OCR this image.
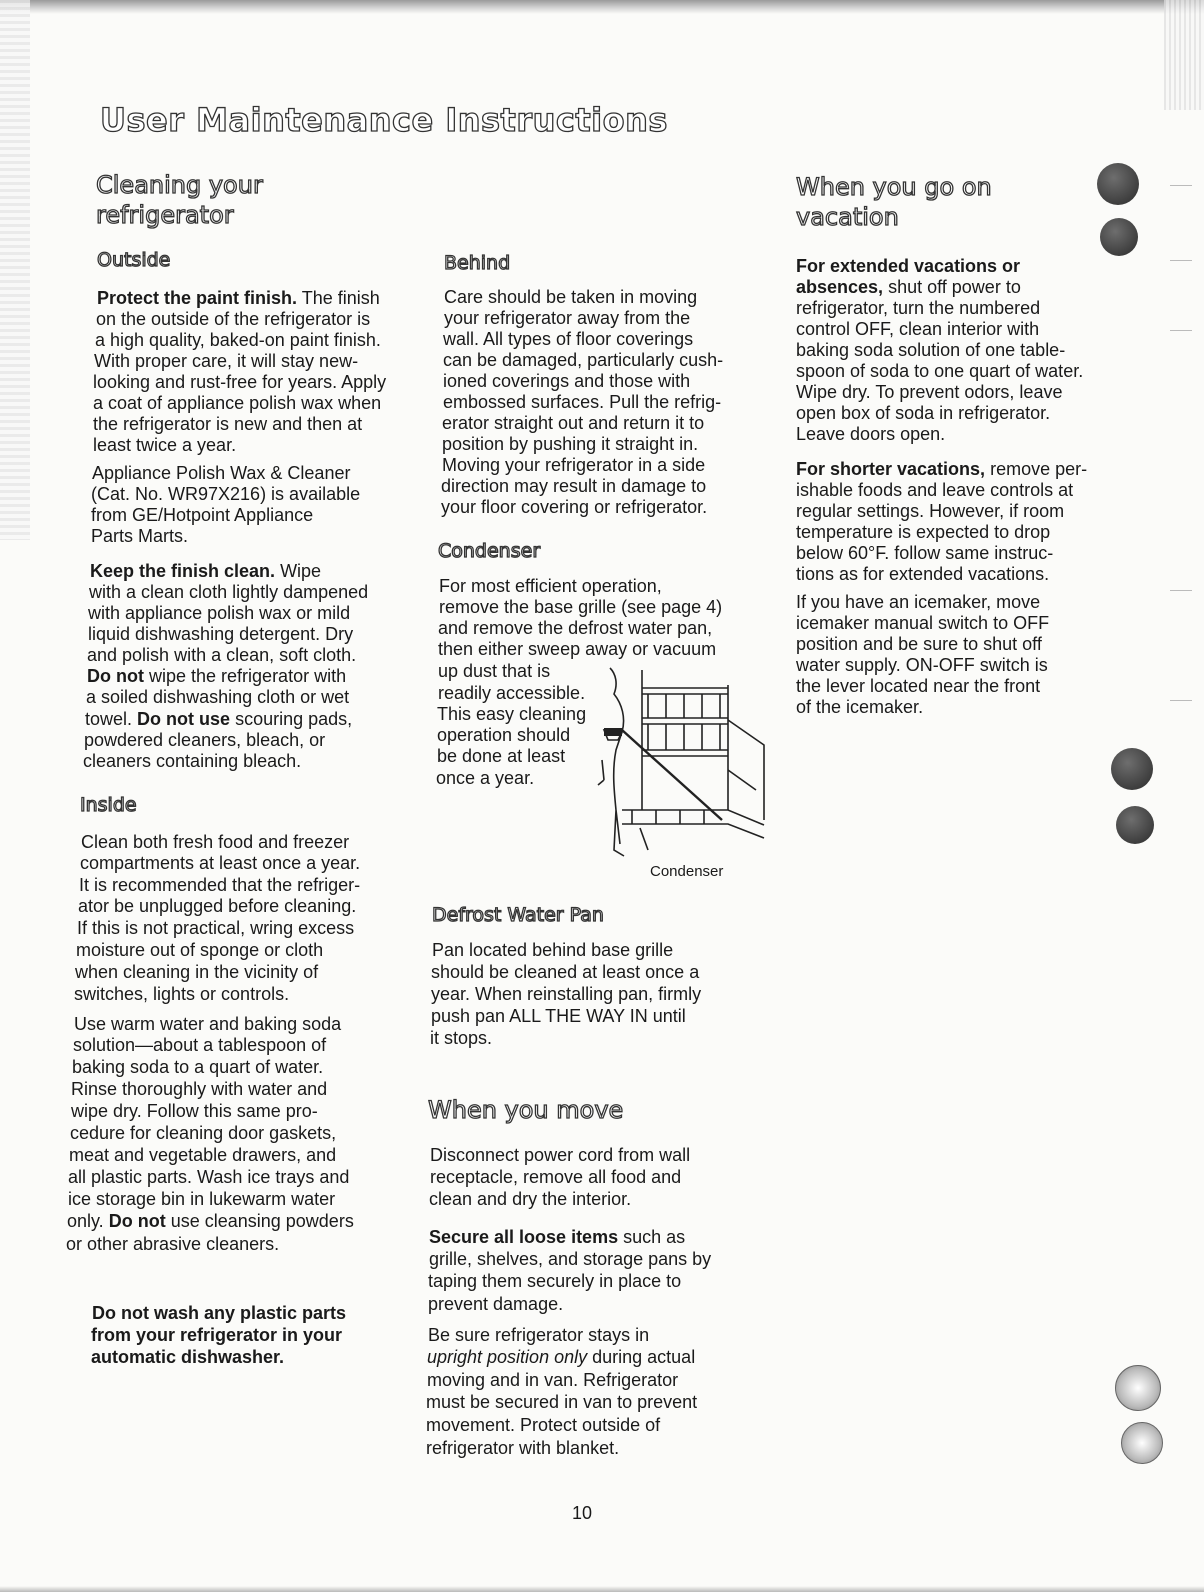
User Maintenance Instructions
Cleaning your
refrigerator
Outside

Protect the paint finish. The finish

on the outside of the refrigerator is

a high quality, baked-on paint finish.

With proper care, it will stay new-

looking and rust-free for years. Apply

a coat of appliance polish wax when

the refrigerator is new and then at

least twice a year.

Appliance Polish Wax & Cleaner

(Cat. No. WR97X216) is available

from GE/Hotpoint Appliance

Parts Marts.

Keep the finish clean. Wipe

with a clean cloth lightly dampened

with appliance polish wax or mild

liquid dishwashing detergent. Dry

and polish with a clean, soft cloth.

Do not wipe the refrigerator with

a soiled dishwashing cloth or wet

towel. Do not use scouring pads,

powdered cleaners, bleach, or

cleaners containing bleach.

Inside

Clean both fresh food and freezer

compartments at least once a year.

It is recommended that the refriger-

ator be unplugged before cleaning.

If this is not practical, wring excess

moisture out of sponge or cloth

when cleaning in the vicinity of

switches, lights or controls.

Use warm water and baking soda

solution—about a tablespoon of

baking soda to a quart of water.

Rinse thoroughly with water and

wipe dry. Follow this same pro-

cedure for cleaning door gaskets,

meat and vegetable drawers, and

all plastic parts. Wash ice trays and

ice storage bin in lukewarm water

only. Do not use cleansing powders

or other abrasive cleaners.

Do not wash any plastic parts

from your refrigerator in your

automatic dishwasher.

Behind

Care should be taken in moving

your refrigerator away from the

wall. All types of floor coverings

can be damaged, particularly cush-

ioned coverings and those with

embossed surfaces. Pull the refrig-

erator straight out and return it to

position by pushing it straight in.

Moving your refrigerator in a side

direction may result in damage to

your floor covering or refrigerator.

Condenser

For most efficient operation,

remove the base grille (see page 4)

and remove the defrost water pan,

then either sweep away or vacuum

up dust that is

readily accessible.

This easy cleaning

operation should

be done at least

once a year.

Condenser

Defrost Water Pan

Pan located behind base grille

should be cleaned at least once a

year. When reinstalling pan, firmly

push pan ALL THE WAY IN until

it stops.

When you move

Disconnect power cord from wall

receptacle, remove all food and

clean and dry the interior.

Secure all loose items such as

grille, shelves, and storage pans by

taping them securely in place to

prevent damage.

Be sure refrigerator stays in

upright position only during actual

moving and in van. Refrigerator

must be secured in van to prevent

movement. Protect outside of

refrigerator with blanket.

When you go on
vacation

For extended vacations or

absences, shut off power to

refrigerator, turn the numbered

control OFF, clean interior with

baking soda solution of one table-

spoon of soda to one quart of water.

Wipe dry. To prevent odors, leave

open box of soda in refrigerator.

Leave doors open.

For shorter vacations, remove per-

ishable foods and leave controls at

regular settings. However, if room

temperature is expected to drop

below 60°F. follow same instruc-

tions as for extended vacations.

If you have an icemaker, move

icemaker manual switch to OFF

position and be sure to shut off

water supply. ON-OFF switch is

the lever located near the front

of the icemaker.

10
